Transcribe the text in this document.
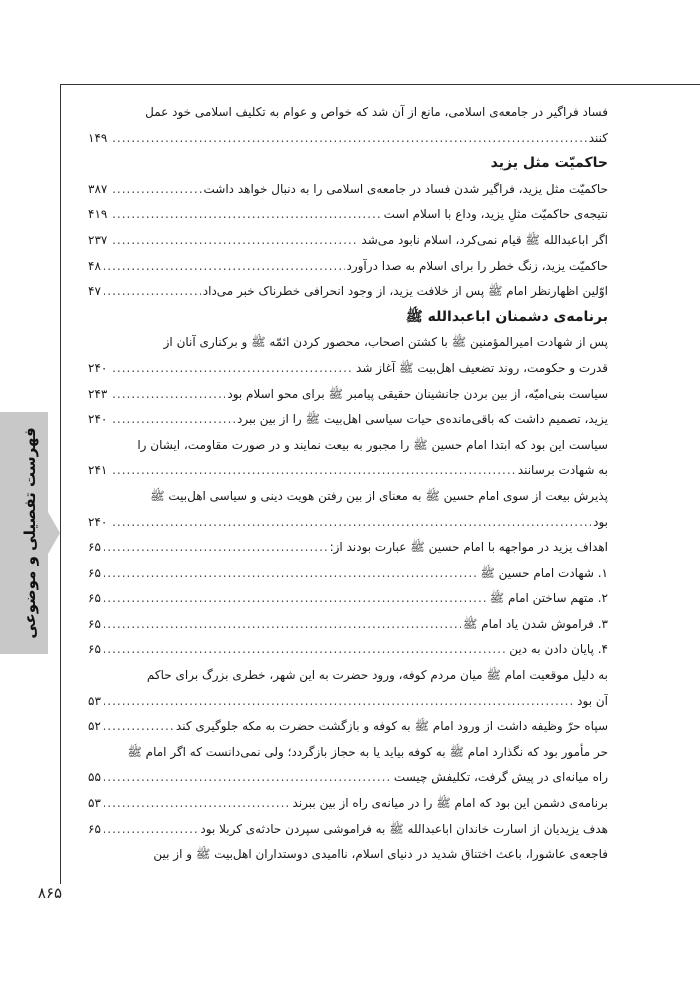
فهرست تفصیلی و موضوعی
۸۶۵
فساد فراگیر در جامعه‌ی اسلامی، مانع از آن شد که خواص و عوام به تکلیف اسلامی خود عمل
..... کنند
۱۴۹
حاکمیّت مثل یزید
..... حاکمیّت مثل یزید، فراگیر شدن فساد در جامعه‌ی اسلامی را به دنبال خواهد داشت
۳۸۷
..... نتیجه‌ی حاکمیّت مثلِ یزید، وداع با اسلام است
۴۱۹
..... اگر اباعبدالله ﷺ قیام نمی‌کرد، اسلام نابود می‌شد
۲۳۷
..... حاکمیّت یزید، زنگ خطر را برای اسلام به صدا درآورد
۴۸
..... اوّلین اظهارنظر امام ﷺ پس از خلافت یزید، از وجود انحرافی خطرناک خبر می‌داد
۴۷
برنامه‌ی دشمنان اباعبدالله ﷺ
پس از شهادت امیرالمؤمنین ﷺ با کشتن اصحاب، محصور کردن ائمّه ﷺ و برکناری آنان از
..... قدرت و حکومت، روند تضعیف اهل‌بیت ﷺ آغاز شد
۲۴۰
..... سیاست بنی‌امیّه، از بین بردن جانشینان حقیقی پیامبر ﷺ برای محو اسلام بود
۲۴۳
..... یزید، تصمیم داشت که باقی‌مانده‌ی حیات سیاسی اهل‌بیت ﷺ را از بین ببرد
۲۴۰
سیاست این بود که ابتدا امام حسین ﷺ را مجبور به بیعت نمایند و در صورت مقاومت، ایشان را
..... به شهادت برسانند
۲۴۱
پذیرش بیعت از سوی امام حسین ﷺ به معنای از بین رفتن هویت دینی و سیاسی اهل‌بیت ﷺ
..... بود
۲۴۰
..... اهداف یزید در مواجهه با امام حسین ﷺ عبارت بودند از:
۶۵
..... ۱. شهادت امام حسین ﷺ
۶۵
..... ۲. متهم ساختن امام ﷺ
۶۵
..... ۳. فراموش شدن یاد امام ﷺ
۶۵
..... ۴. پایان دادن به دین
۶۵
به دلیل موقعیت امام ﷺ میان مردم کوفه، ورود حضرت به این شهر، خطری بزرگ برای حاکم
..... آن بود
۵۳
..... سپاه حرّ وظیفه داشت از ورود امام ﷺ به کوفه و بازگشت حضرت به مکه جلوگیری کند
۵۲
حر مأمور بود که نگذارد امام ﷺ به کوفه بیاید یا به حجاز بازگردد؛ ولی نمی‌دانست که اگر امام ﷺ
..... راه میانه‌ای در پیش گرفت، تکلیفش چیست
۵۵
..... برنامه‌ی دشمن این بود که امام ﷺ را در میانه‌ی راه از بین ببرند
۵۳
..... هدف یزیدیان از اسارت خاندان اباعبدالله ﷺ به فراموشی سپردن حادثه‌ی کربلا بود
۶۵
فاجعه‌ی عاشورا، باعث اختناق شدید در دنیای اسلام، ناامیدی دوستداران اهل‌بیت ﷺ و از بین
